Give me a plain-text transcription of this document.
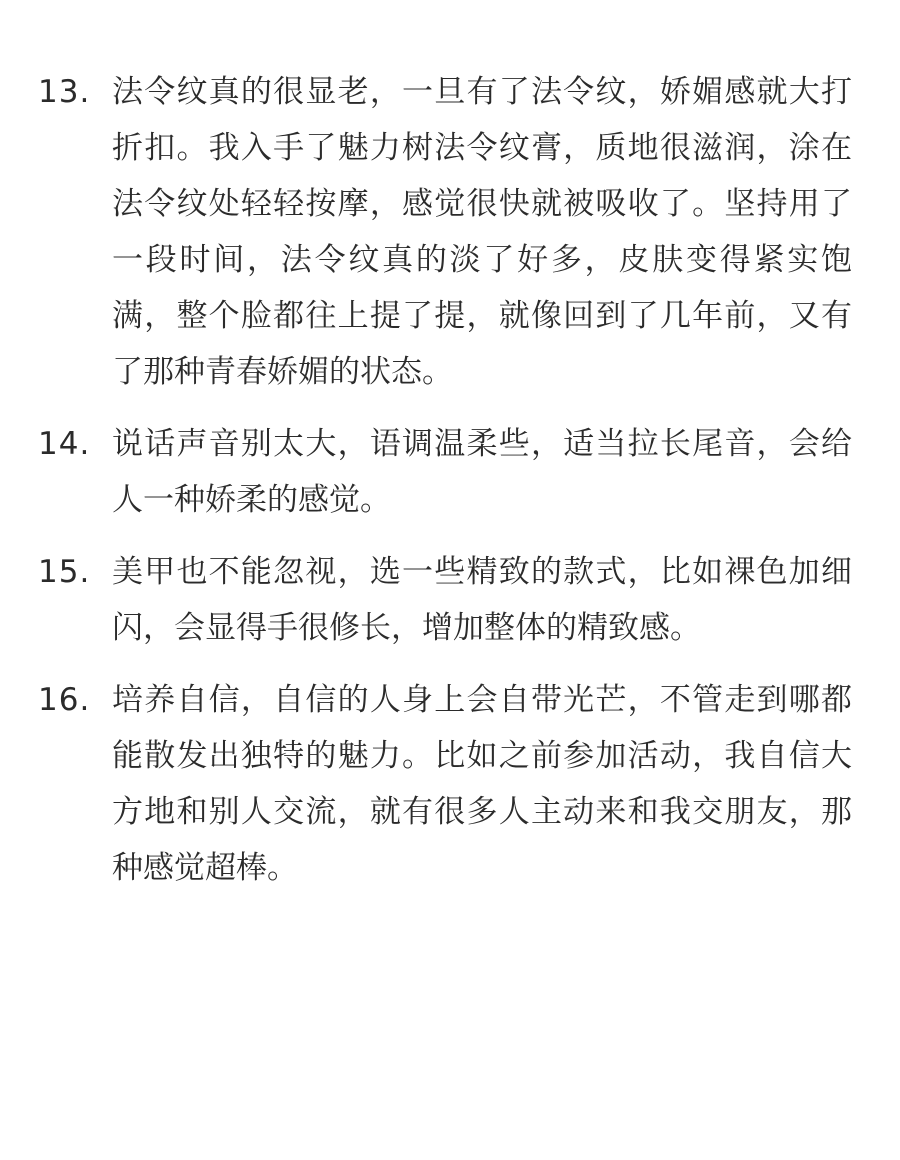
13. 法令纹真的很显老，一旦有了法令纹，娇媚感就大打折扣。我入手了魅力树法令纹膏，质地很滋润，涂在法令纹处轻轻按摩，感觉很快就被吸收了。坚持用了一段时间，法令纹真的淡了好多，皮肤变得紧实饱满，整个脸都往上提了提，就像回到了几年前，又有了那种青春娇媚的状态。
14. 说话声音别太大，语调温柔些，适当拉长尾音，会给人一种娇柔的感觉。
15. 美甲也不能忽视，选一些精致的款式，比如裸色加细闪，会显得手很修长，增加整体的精致感。
16. 培养自信，自信的人身上会自带光芒，不管走到哪都能散发出独特的魅力。比如之前参加活动，我自信大方地和别人交流，就有很多人主动来和我交朋友，那种感觉超棒。
